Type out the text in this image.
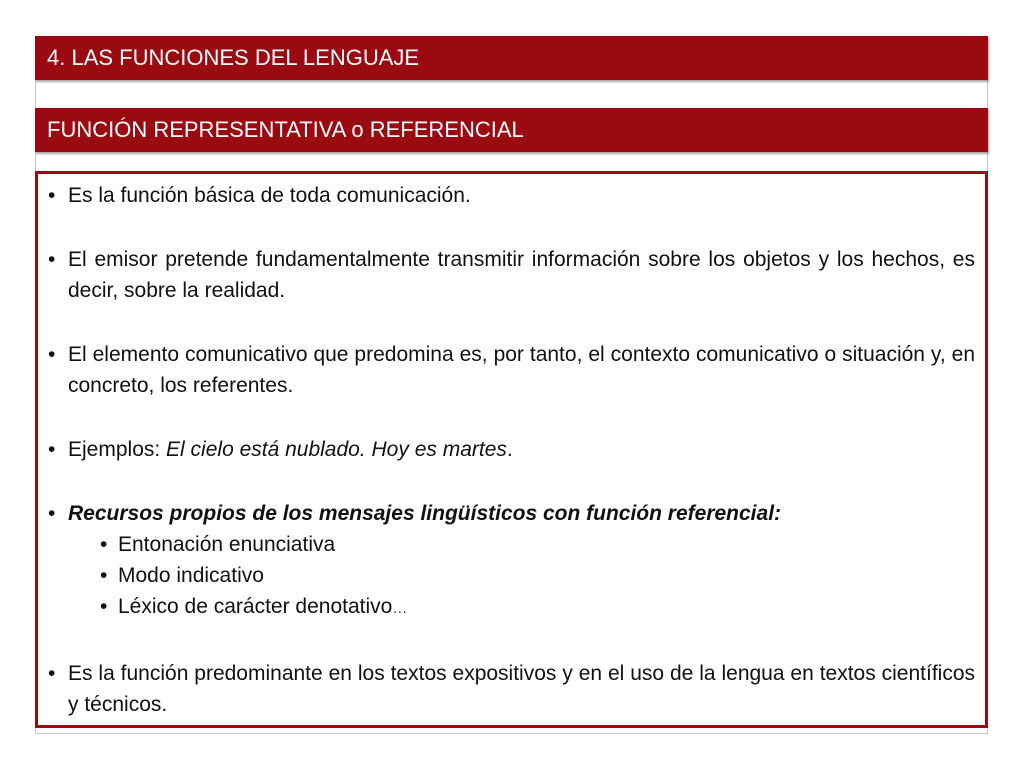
4. LAS FUNCIONES DEL LENGUAJE
FUNCIÓN REPRESENTATIVA o REFERENCIAL
• Es la función básica de toda comunicación.
• El emisor pretende fundamentalmente transmitir información sobre los objetos y los hechos, es decir, sobre la realidad.
• El elemento comunicativo que predomina es, por tanto, el contexto comunicativo o situación y, en concreto, los referentes.
• Ejemplos: El cielo está nublado. Hoy es martes.
• Recursos propios de los mensajes lingüísticos con función referencial:
• Entonación enunciativa
• Modo indicativo
• Léxico de carácter denotativo…
• Es la función predominante en los textos expositivos y en el uso de la lengua en textos científicos y técnicos.
